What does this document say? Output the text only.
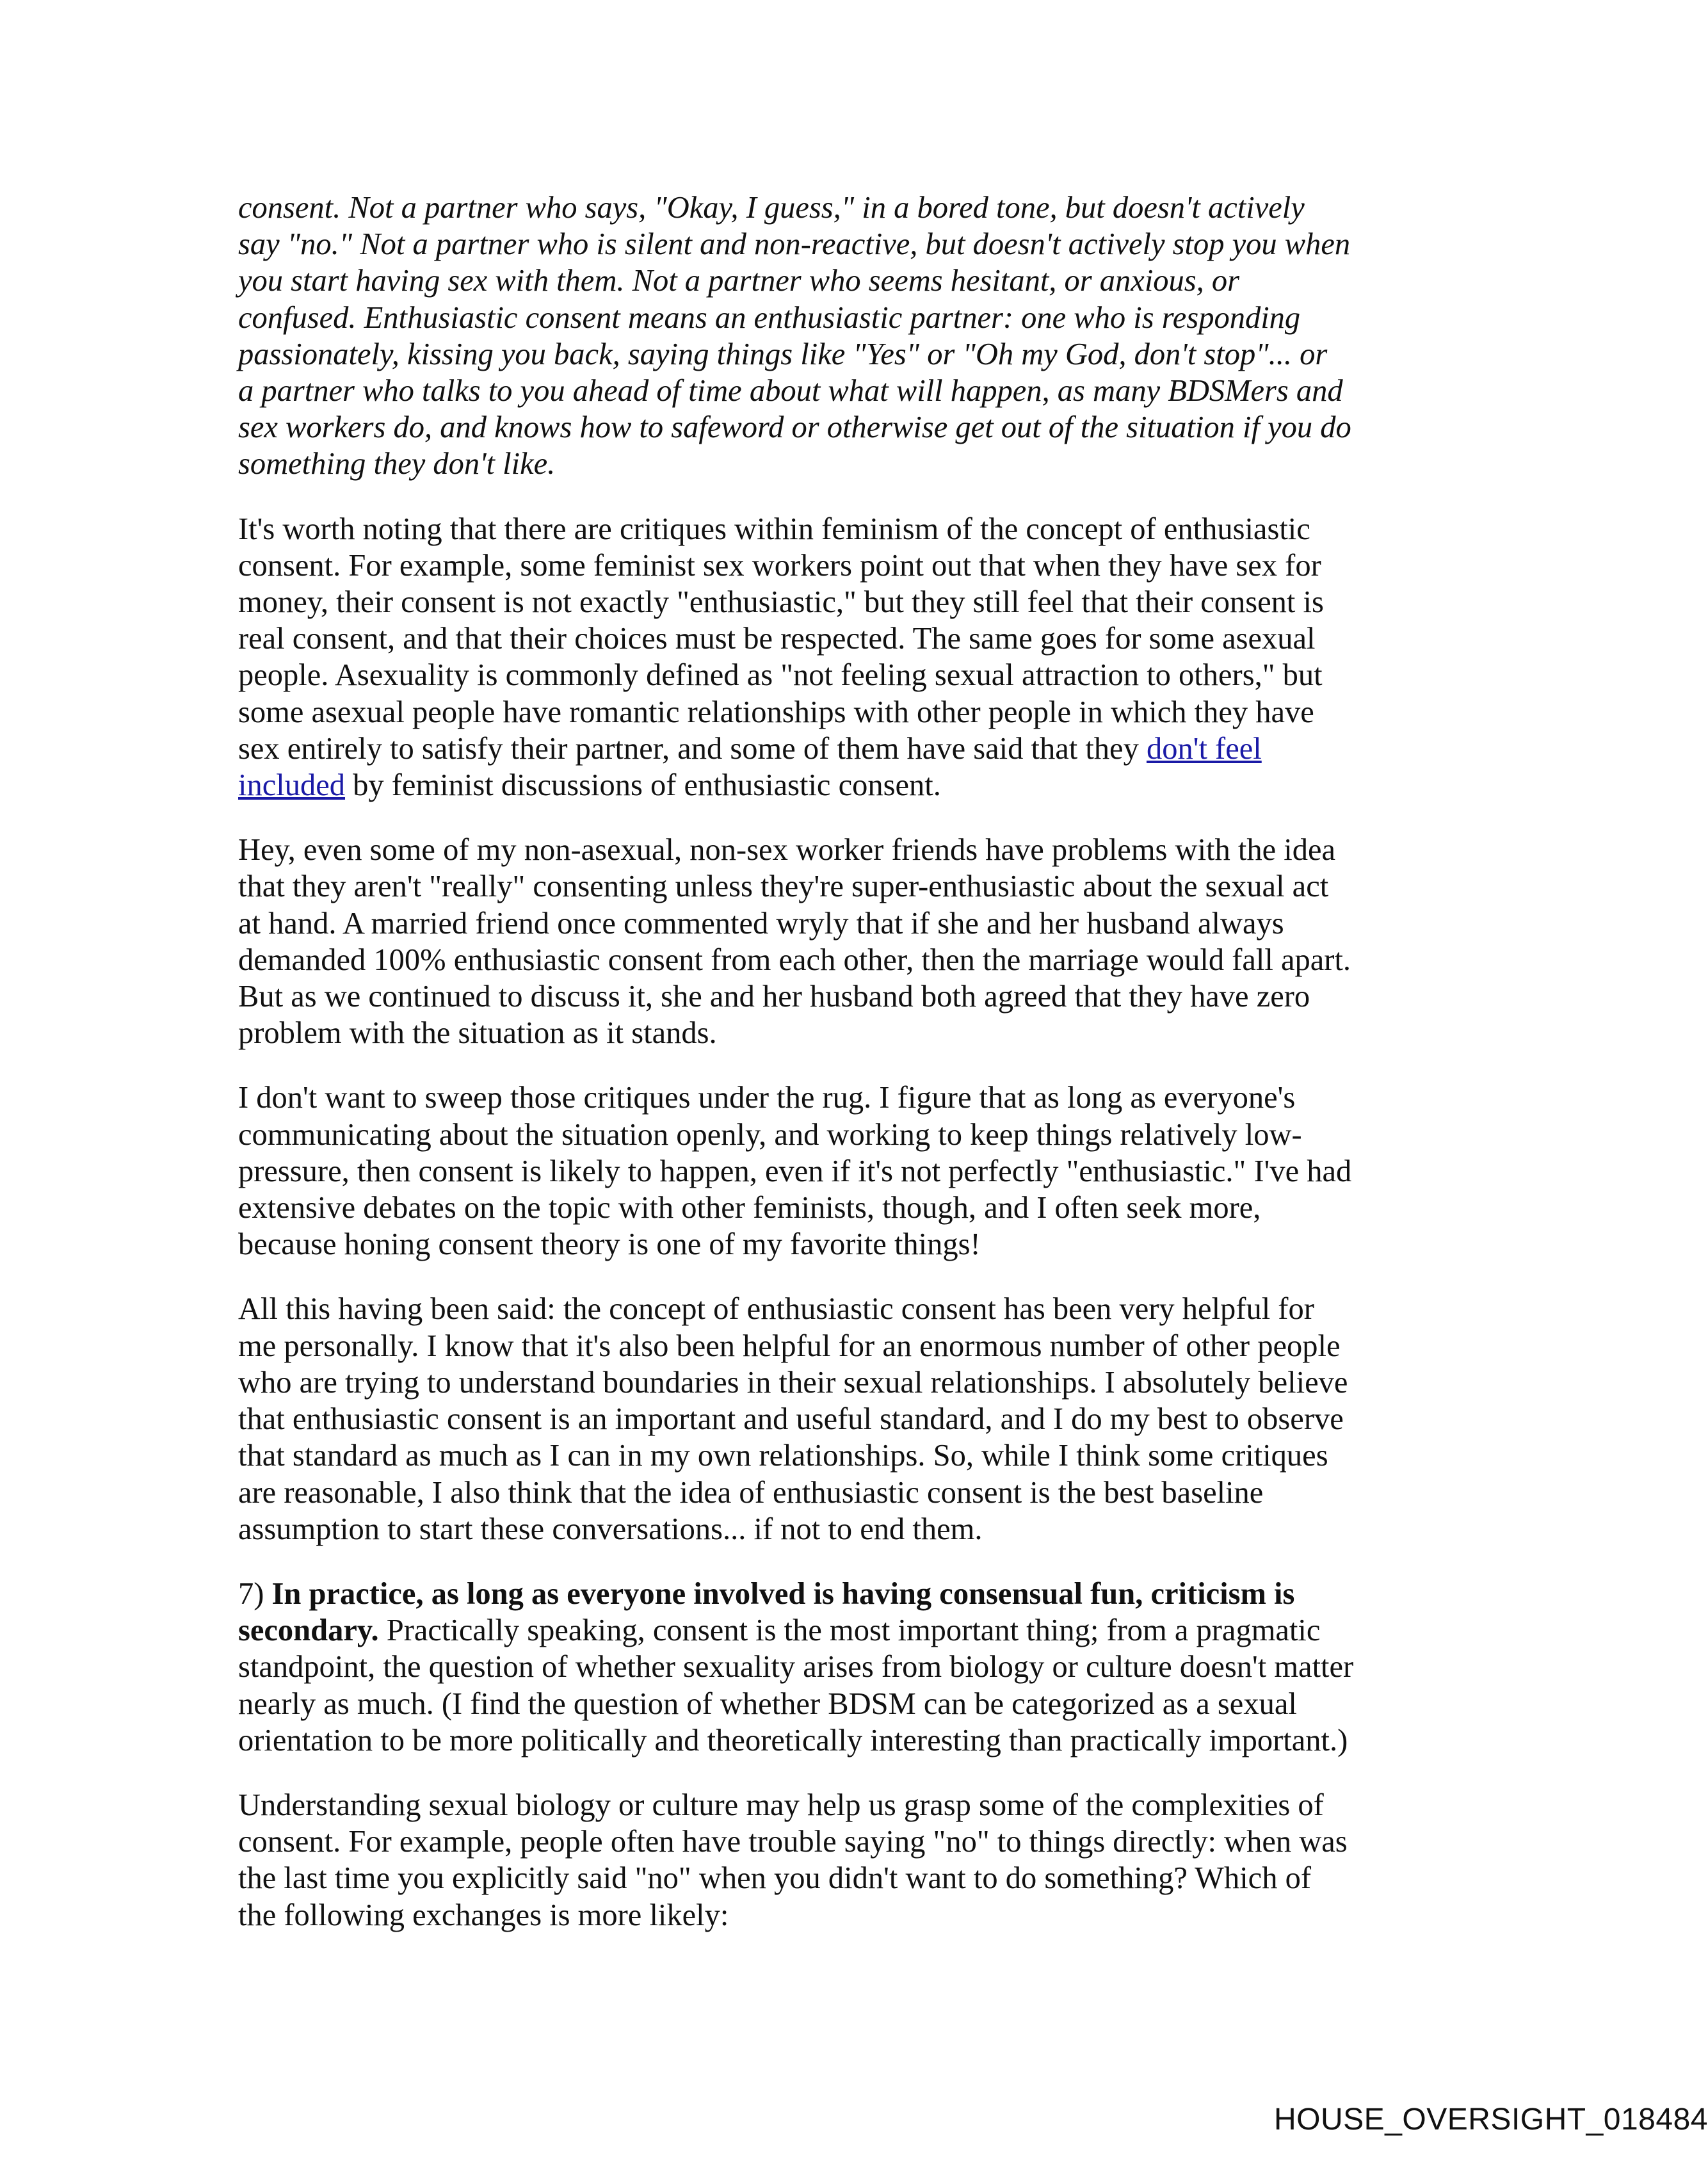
consent. Not a partner who says, "Okay, I guess," in a bored tone, but doesn't actively
say "no." Not a partner who is silent and non-reactive, but doesn't actively stop you when
you start having sex with them. Not a partner who seems hesitant, or anxious, or
confused. Enthusiastic consent means an enthusiastic partner: one who is responding
passionately, kissing you back, saying things like "Yes" or "Oh my God, don't stop"... or
a partner who talks to you ahead of time about what will happen, as many BDSMers and
sex workers do, and knows how to safeword or otherwise get out of the situation if you do
something they don't like.

It's worth noting that there are critiques within feminism of the concept of enthusiastic
consent. For example, some feminist sex workers point out that when they have sex for
money, their consent is not exactly "enthusiastic," but they still feel that their consent is
real consent, and that their choices must be respected. The same goes for some asexual
people. Asexuality is commonly defined as "not feeling sexual attraction to others," but
some asexual people have romantic relationships with other people in which they have
sex entirely to satisfy their partner, and some of them have said that they don't feel
included by feminist discussions of enthusiastic consent.

Hey, even some of my non-asexual, non-sex worker friends have problems with the idea
that they aren't "really" consenting unless they're super-enthusiastic about the sexual act
at hand. A married friend once commented wryly that if she and her husband always
demanded 100% enthusiastic consent from each other, then the marriage would fall apart.
But as we continued to discuss it, she and her husband both agreed that they have zero
problem with the situation as it stands.

I don't want to sweep those critiques under the rug. I figure that as long as everyone's
communicating about the situation openly, and working to keep things relatively low-
pressure, then consent is likely to happen, even if it's not perfectly "enthusiastic." I've had
extensive debates on the topic with other feminists, though, and I often seek more,
because honing consent theory is one of my favorite things!

All this having been said: the concept of enthusiastic consent has been very helpful for
me personally. I know that it's also been helpful for an enormous number of other people
who are trying to understand boundaries in their sexual relationships. I absolutely believe
that enthusiastic consent is an important and useful standard, and I do my best to observe
that standard as much as I can in my own relationships. So, while I think some critiques
are reasonable, I also think that the idea of enthusiastic consent is the best baseline
assumption to start these conversations... if not to end them.

7) In practice, as long as everyone involved is having consensual fun, criticism is
secondary. Practically speaking, consent is the most important thing; from a pragmatic
standpoint, the question of whether sexuality arises from biology or culture doesn't matter
nearly as much. (I find the question of whether BDSM can be categorized as a sexual
orientation to be more politically and theoretically interesting than practically important.)

Understanding sexual biology or culture may help us grasp some of the complexities of
consent. For example, people often have trouble saying "no" to things directly: when was
the last time you explicitly said "no" when you didn't want to do something? Which of
the following exchanges is more likely:

HOUSE_OVERSIGHT_018484
